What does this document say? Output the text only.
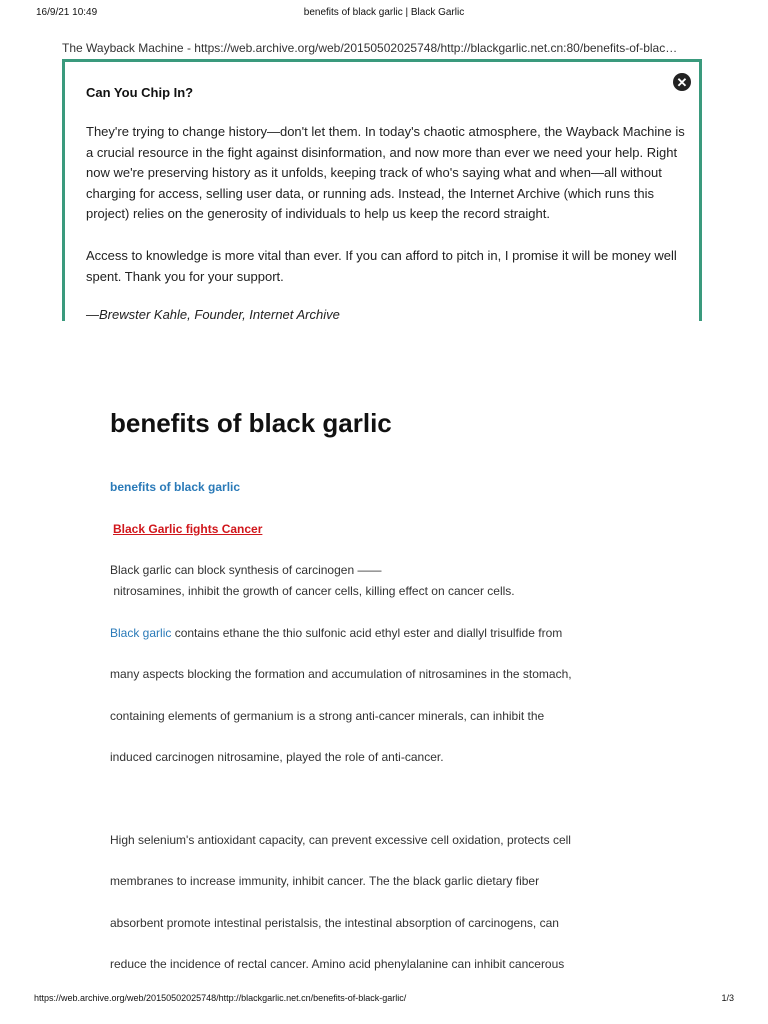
16/9/21 10:49	benefits of black garlic | Black Garlic
The Wayback Machine - https://web.archive.org/web/20150502025748/http://blackgarlic.net.cn:80/benefits-of-blac…
✕
Can You Chip In?
They're trying to change history—don't let them. In today's chaotic atmosphere, the Wayback Machine is a crucial resource in the fight against disinformation, and now more than ever we need your help. Right now we're preserving history as it unfolds, keeping track of who's saying what and when—all without charging for access, selling user data, or running ads. Instead, the Internet Archive (which runs this project) relies on the generosity of individuals to help us keep the record straight.
Access to knowledge is more vital than ever. If you can afford to pitch in, I promise it will be money well spent. Thank you for your support.
—Brewster Kahle, Founder, Internet Archive
benefits of black garlic
benefits of black garlic
Black Garlic fights Cancer
Black garlic can block synthesis of carcinogen ——
nitrosamines, inhibit the growth of cancer cells, killing effect on cancer cells.
Black garlic contains ethane the thio sulfonic acid ethyl ester and diallyl trisulfide from
many aspects blocking the formation and accumulation of nitrosamines in the stomach,
containing elements of germanium is a strong anti-cancer minerals, can inhibit the
induced carcinogen nitrosamine, played the role of anti-cancer.
High selenium's antioxidant capacity, can prevent excessive cell oxidation, protects cell
membranes to increase immunity, inhibit cancer. The the black garlic dietary fiber
absorbent promote intestinal peristalsis, the intestinal absorption of carcinogens, can
reduce the incidence of rectal cancer. Amino acid phenylalanine can inhibit cancerous
https://web.archive.org/web/20150502025748/http://blackgarlic.net.cn/benefits-of-black-garlic/	1/3
